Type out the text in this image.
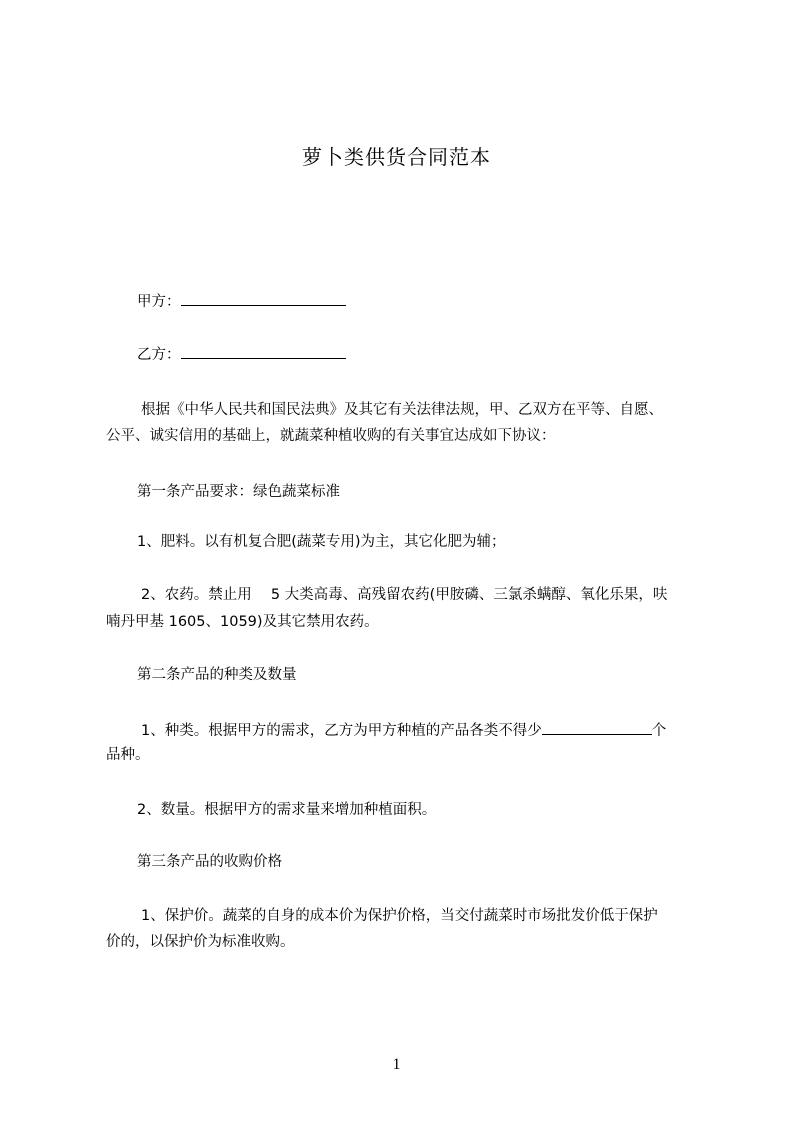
萝卜类供货合同范本
甲方：
乙方：
根据《中华人民共和国民法典》及其它有关法律法规，甲、乙双方在平等、自愿、
公平、诚实信用的基础上，就蔬菜种植收购的有关事宜达成如下协议：
第一条产品要求：绿色蔬菜标准
1、肥料。以有机复合肥(蔬菜专用)为主，其它化肥为辅；
2、农药。禁止用　 5 大类高毒、高残留农药(甲胺磷、三氯杀螨醇、氧化乐果，呋
喃丹甲基 1605、1059)及其它禁用农药。
第二条产品的种类及数量
1、种类。根据甲方的需求，乙方为甲方种植的产品各类不得少	个
品种。
2、数量。根据甲方的需求量来增加种植面积。
第三条产品的收购价格
1、保护价。蔬菜的自身的成本价为保护价格，当交付蔬菜时市场批发价低于保护
价的，以保护价为标准收购。
1
